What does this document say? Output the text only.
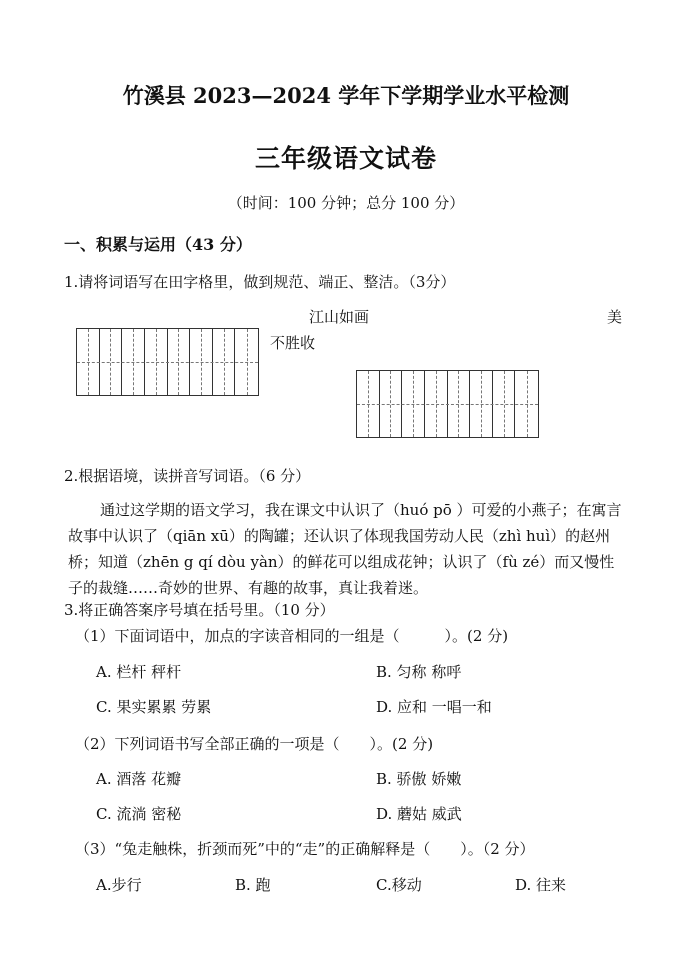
竹溪县 2023—2024 学年下学期学业水平检测
三年级语文试卷
（时间：100 分钟；总分 100 分）
一、积累与运用（43 分）
1.请将词语写在田字格里，做到规范、端正、整洁。（3分）
江山如画	美
不胜收
2.根据语境，读拼音写词语。（6 分）
通过这学期的语文学习，我在课文中认识了（huó pō ）可爱的小燕子；在寓言故事中认识了（qiān xū）的陶罐；还认识了体现我国劳动人民（zhì huì）的赵州桥；知道（zhēn g qí dòu yàn）的鲜花可以组成花钟；认识了（fù zé）而又慢性子的裁缝……奇妙的世界、有趣的故事，真让我着迷。
3.将正确答案序号填在括号里。（10 分）
（1）下面词语中，加点的字读音相同的一组是（　　　）。(2 分)
A. 栏杆 秤杆	B. 匀称 称呼
C. 果实累累 劳累	D. 应和 一唱一和
（2）下列词语书写全部正确的一项是（　　）。(2 分)
A. 酒落 花瓣	B. 骄傲 娇嫩
C. 流淌 密秘	D. 蘑姑 威武
（3）“兔走触株，折颈而死”中的“走”的正确解释是（　　）。（2 分）
A.步行	B. 跑	C.移动	D. 往来
